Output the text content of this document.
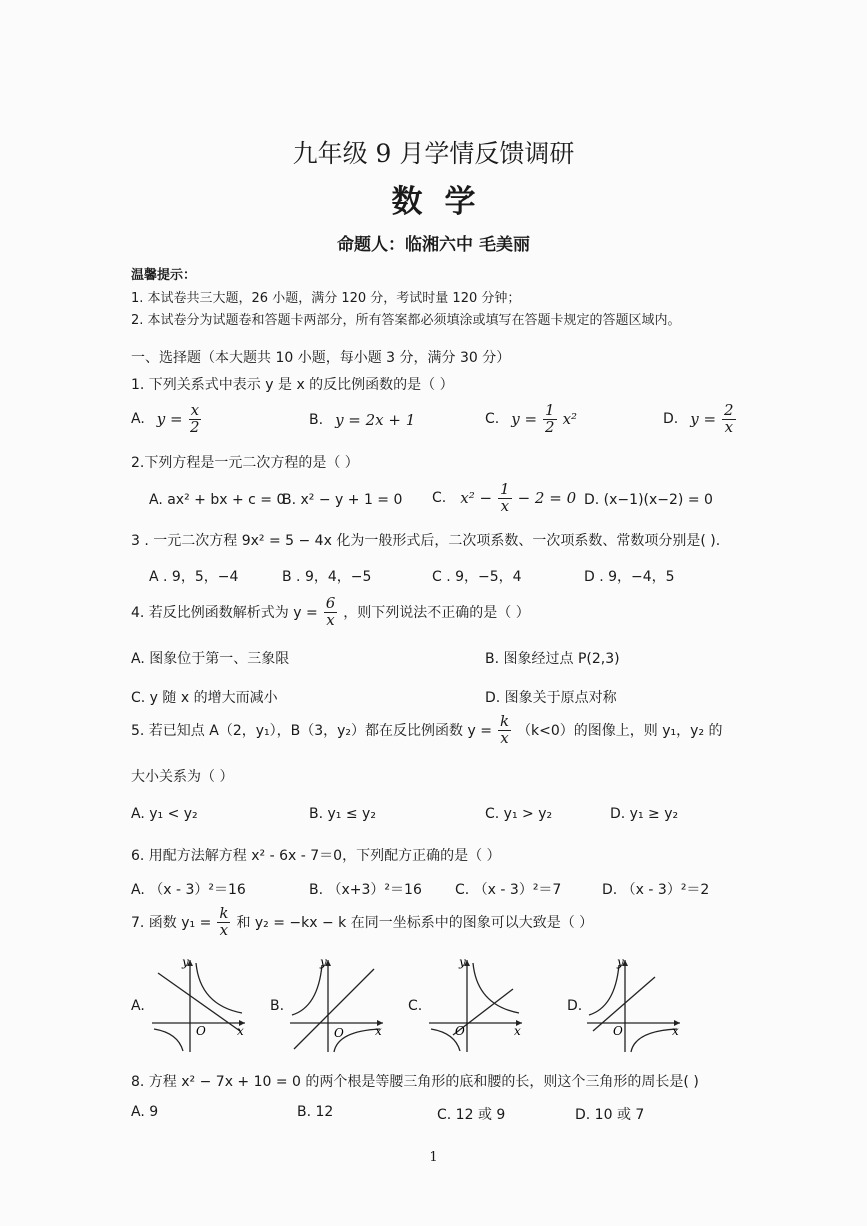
九年级 9 月学情反馈调研
数学
命题人：临湘六中 毛美丽
温馨提示：
1. 本试卷共三大题，26 小题，满分 120 分，考试时量 120 分钟；
2. 本试卷分为试题卷和答题卡两部分，所有答案都必须填涂或填写在答题卡规定的答题区域内。
一、选择题（本大题共 10 小题，每小题 3 分，满分 30 分）
1. 下列关系式中表示 y 是 x 的反比例函数的是（ ）
A. $y = \frac{x}{2}$	B. y = 2x + 1	C. $y = \frac{1}{2} x^2$	D. $y = \frac{2}{x}$
2.下列方程是一元二次方程的是（ ）
A. ax² + bx + c = 0
B. x² − y + 1 = 0 C. $x^2 - \frac{1}{x} - 2 = 0$ D. (x−1)(x−2) = 0
3 . 一元二次方程 9x² = 5 − 4x 化为一般形式后，二次项系数、一次项系数、常数项分别是( ).
A . 9，5，−4	B . 9，4，−5	C . 9，−5，4	D . 9，−4，5
4. 若反比例函数解析式为 $y = \frac{6}{x}$ ，则下列说法不正确的是（ ）
A. 图象位于第一、三象限	B. 图象经过点 P(2,3)
C. y 随 x 的增大而减小	D. 图象关于原点对称
5. 若已知点 A（2，y₁），B（3，y₂）都在反比例函数 $y = \frac{k}{x} (k<0)$的图像上，则 y₁，y₂ 的
大小关系为（ ）
A. y₁ < y₂	B. y₁ ≤ y₂	C. y₁ > y₂	D. y₁ ≥ y₂
6. 用配方法解方程 x² - 6x - 7＝0，下列配方正确的是（ ）
A. （x - 3）²＝16	B. （x+3）²＝16 C. （x - 3）²＝7	D. （x - 3）²＝2
7. 函数 $y_1 = \frac{k}{x}$ 和 y₂ = −kx − k 在同一坐标系中的图象可以大致是（ ）
A.	B.	C.	D.
y
x
O
y
x
O
y
x
O
y
x
O
8. 方程 x² − 7x + 10 = 0 的两个根是等腰三角形的底和腰的长，则这个三角形的周长是( )
A. 9	B. 12	C. 12 或 9	D. 10 或 7
1
